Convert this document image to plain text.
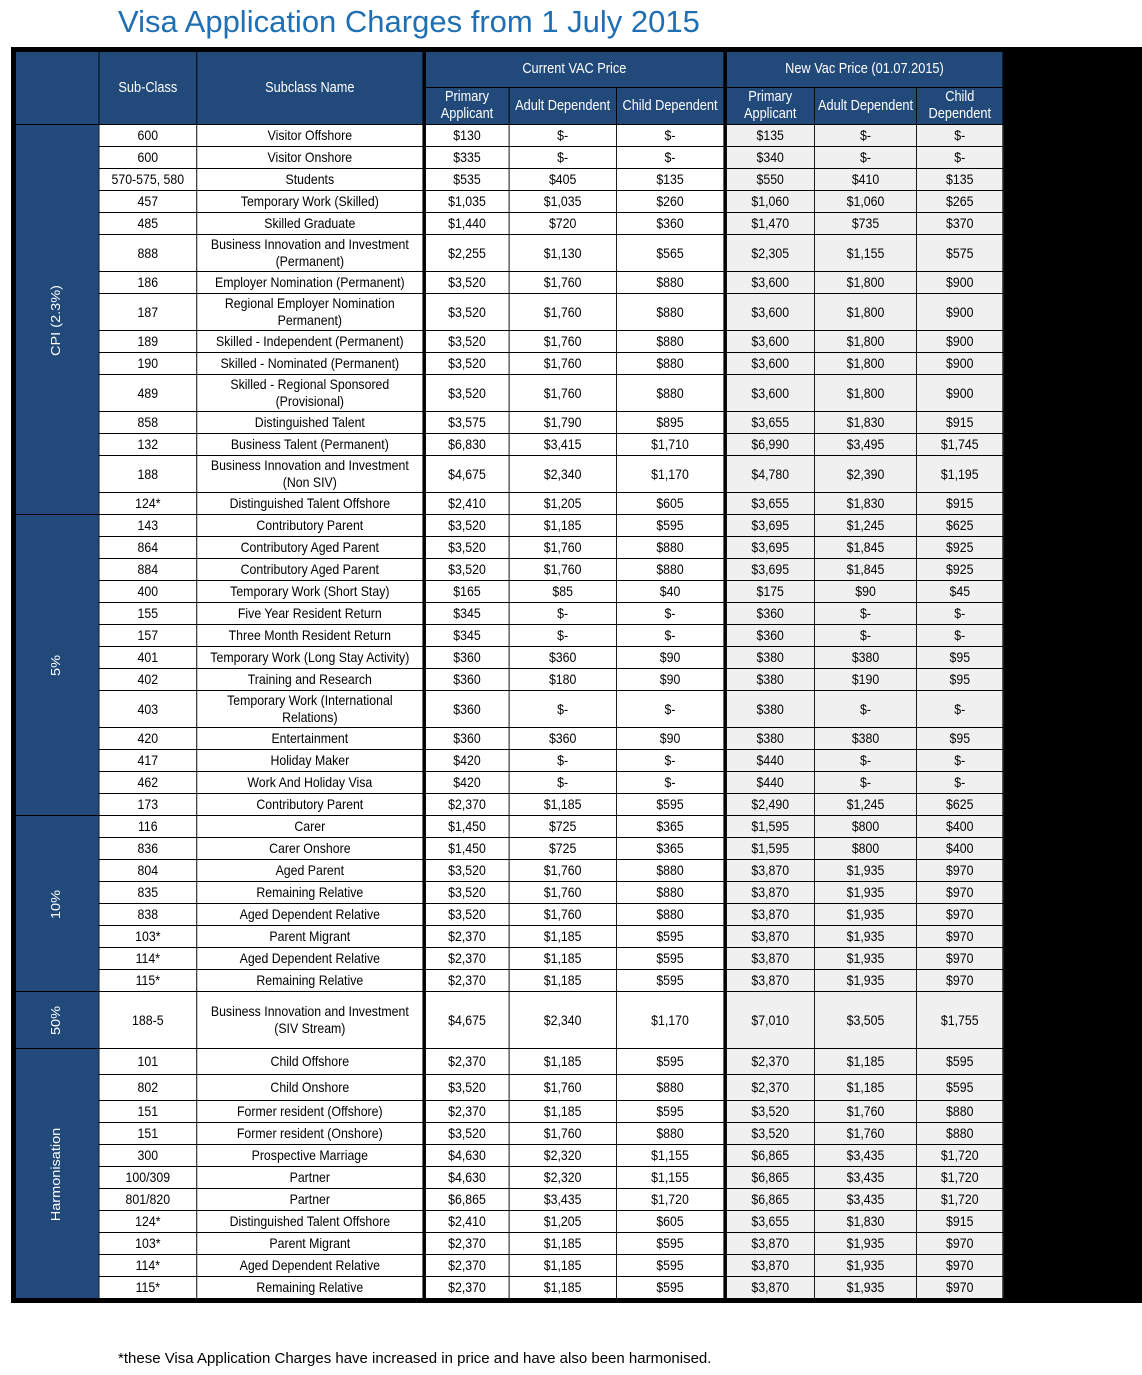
Visa Application Charges from 1 July 2015
	Sub-Class	Subclass Name	Current VAC Price			New Vac Price (01.07.2015)		
			Primary Applicant	Adult Dependent	Child Dependent	Primary Applicant	Adult Dependent	Child Dependent
CPI (2.3%)	600	Visitor Offshore	$130	$-	$-	$135	$-	$-
	600	Visitor Onshore	$335	$-	$-	$340	$-	$-
	570-575, 580	Students	$535	$405	$135	$550	$410	$135
	457	Temporary Work (Skilled)	$1,035	$1,035	$260	$1,060	$1,060	$265
	485	Skilled Graduate	$1,440	$720	$360	$1,470	$735	$370
	888	Business Innovation and Investment (Permanent)	$2,255	$1,130	$565	$2,305	$1,155	$575
	186	Employer Nomination (Permanent)	$3,520	$1,760	$880	$3,600	$1,800	$900
	187	Regional Employer Nomination Permanent)	$3,520	$1,760	$880	$3,600	$1,800	$900
	189	Skilled - Independent (Permanent)	$3,520	$1,760	$880	$3,600	$1,800	$900
	190	Skilled - Nominated (Permanent)	$3,520	$1,760	$880	$3,600	$1,800	$900
	489	Skilled - Regional Sponsored (Provisional)	$3,520	$1,760	$880	$3,600	$1,800	$900
	858	Distinguished Talent	$3,575	$1,790	$895	$3,655	$1,830	$915
	132	Business Talent (Permanent)	$6,830	$3,415	$1,710	$6,990	$3,495	$1,745
	188	Business Innovation and Investment (Non SIV)	$4,675	$2,340	$1,170	$4,780	$2,390	$1,195
	124*	Distinguished Talent Offshore	$2,410	$1,205	$605	$3,655	$1,830	$915
5%	143	Contributory Parent	$3,520	$1,185	$595	$3,695	$1,245	$625
	864	Contributory Aged Parent	$3,520	$1,760	$880	$3,695	$1,845	$925
	884	Contributory Aged Parent	$3,520	$1,760	$880	$3,695	$1,845	$925
	400	Temporary Work (Short Stay)	$165	$85	$40	$175	$90	$45
	155	Five Year Resident Return	$345	$-	$-	$360	$-	$-
	157	Three Month Resident Return	$345	$-	$-	$360	$-	$-
	401	Temporary Work (Long Stay Activity)	$360	$360	$90	$380	$380	$95
	402	Training and Research	$360	$180	$90	$380	$190	$95
	403	Temporary Work (International Relations)	$360	$-	$-	$380	$-	$-
	420	Entertainment	$360	$360	$90	$380	$380	$95
	417	Holiday Maker	$420	$-	$-	$440	$-	$-
	462	Work And Holiday Visa	$420	$-	$-	$440	$-	$-
	173	Contributory Parent	$2,370	$1,185	$595	$2,490	$1,245	$625
10%	116	Carer	$1,450	$725	$365	$1,595	$800	$400
	836	Carer Onshore	$1,450	$725	$365	$1,595	$800	$400
	804	Aged Parent	$3,520	$1,760	$880	$3,870	$1,935	$970
	835	Remaining Relative	$3,520	$1,760	$880	$3,870	$1,935	$970
	838	Aged Dependent Relative	$3,520	$1,760	$880	$3,870	$1,935	$970
	103*	Parent Migrant	$2,370	$1,185	$595	$3,870	$1,935	$970
	114*	Aged Dependent Relative	$2,370	$1,185	$595	$3,870	$1,935	$970
	115*	Remaining Relative	$2,370	$1,185	$595	$3,870	$1,935	$970
50%	188-5	Business Innovation and Investment (SIV Stream)	$4,675	$2,340	$1,170	$7,010	$3,505	$1,755
Harmonisation	101	Child Offshore	$2,370	$1,185	$595	$2,370	$1,185	$595
	802	Child Onshore	$3,520	$1,760	$880	$2,370	$1,185	$595
	151	Former resident (Offshore)	$2,370	$1,185	$595	$3,520	$1,760	$880
	151	Former resident (Onshore)	$3,520	$1,760	$880	$3,520	$1,760	$880
	300	Prospective Marriage	$4,630	$2,320	$1,155	$6,865	$3,435	$1,720
	100/309	Partner	$4,630	$2,320	$1,155	$6,865	$3,435	$1,720
	801/820	Partner	$6,865	$3,435	$1,720	$6,865	$3,435	$1,720
	124*	Distinguished Talent Offshore	$2,410	$1,205	$605	$3,655	$1,830	$915
	103*	Parent Migrant	$2,370	$1,185	$595	$3,870	$1,935	$970
	114*	Aged Dependent Relative	$2,370	$1,185	$595	$3,870	$1,935	$970
	115*	Remaining Relative	$2,370	$1,185	$595	$3,870	$1,935	$970
*these Visa Application Charges have increased in price and have also been harmonised.
